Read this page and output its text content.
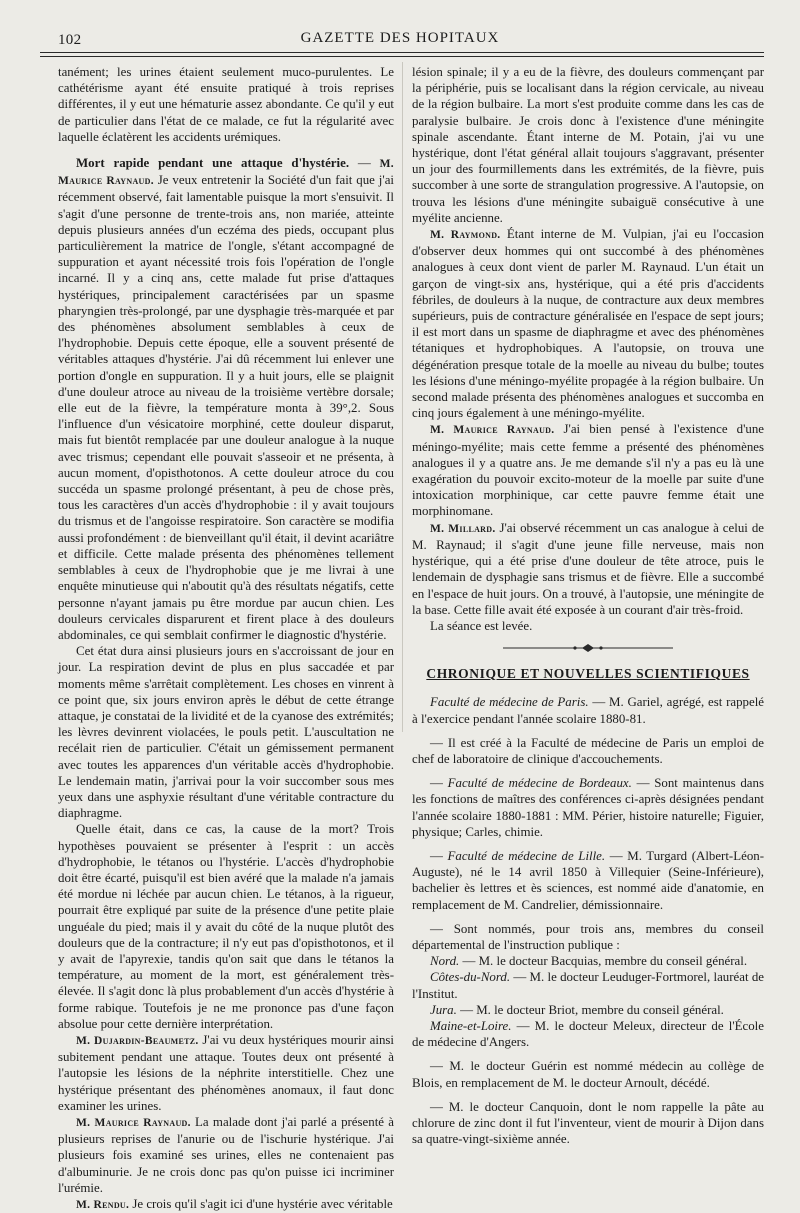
102	GAZETTE DES HOPITAUX

tanément; les urines étaient seulement muco-purulentes. Le cathétérisme ayant été ensuite pratiqué à trois reprises différentes, il y eut une hématurie assez abondante. Ce qu'il y eut de particulier dans l'état de ce malade, ce fut la régularité avec laquelle éclatèrent les accidents urémiques.

Mort rapide pendant une attaque d'hystérie. — M. Maurice Raynaud. Je veux entretenir la Société d'un fait que j'ai récemment observé, fait lamentable puisque la mort s'ensuivit. Il s'agit d'une personne de trente-trois ans, non mariée, atteinte depuis plusieurs années d'un eczéma des pieds, occupant plus particulièrement la matrice de l'ongle, s'étant accompagné de suppuration et ayant nécessité trois fois l'opération de l'ongle incarné. Il y a cinq ans, cette malade fut prise d'attaques hystériques, principalement caractérisées par un spasme pharyngien très-prolongé, par une dysphagie très-marquée et par des phénomènes absolument semblables à ceux de l'hydrophobie. Depuis cette époque, elle a souvent présenté de véritables attaques d'hystérie. J'ai dû récemment lui enlever une portion d'ongle en suppuration. Il y a huit jours, elle se plaignit d'une douleur atroce au niveau de la troisième vertèbre dorsale; elle eut de la fièvre, la température monta à 39°,2. Sous l'influence d'un vésicatoire morphiné, cette douleur disparut, mais fut bientôt remplacée par une douleur analogue à la nuque avec trismus; cependant elle pouvait s'asseoir et ne présenta, à aucun moment, d'opisthotonos. A cette douleur atroce du cou succéda un spasme prolongé présentant, à peu de chose près, tous les caractères d'un accès d'hydrophobie : il y avait toujours du trismus et de l'angoisse respiratoire. Son caractère se modifia aussi profondément : de bienveillant qu'il était, il devint acariâtre et difficile. Cette malade présenta des phénomènes tellement semblables à ceux de l'hydrophobie que je me livrai à une enquête minutieuse qui n'aboutit qu'à des résultats négatifs, cette personne n'ayant jamais pu être mordue par aucun chien. Les douleurs cervicales disparurent et firent place à des douleurs abdominales, ce qui semblait confirmer le diagnostic d'hystérie.

Cet état dura ainsi plusieurs jours en s'accroissant de jour en jour. La respiration devint de plus en plus saccadée et par moments même s'arrêtait complètement. Les choses en vinrent à ce point que, six jours environ après le début de cette étrange attaque, je constatai de la lividité et de la cyanose des extrémités; les lèvres devinrent violacées, le pouls petit. L'auscultation ne recélait rien de particulier. C'était un gémissement permanent avec toutes les apparences d'un véritable accès d'hydrophobie. Le lendemain matin, j'arrivai pour la voir succomber sous mes yeux dans une asphyxie résultant d'une véritable contracture du diaphragme.

Quelle était, dans ce cas, la cause de la mort? Trois hypothèses pouvaient se présenter à l'esprit : un accès d'hydrophobie, le tétanos ou l'hystérie. L'accès d'hydrophobie doit être écarté, puisqu'il est bien avéré que la malade n'a jamais été mordue ni léchée par aucun chien. Le tétanos, à la rigueur, pourrait être expliqué par suite de la présence d'une petite plaie unguéale du pied; mais il y avait du côté de la nuque plutôt des douleurs que de la contracture; il n'y eut pas d'opisthotonos, et il y avait de l'apyrexie, tandis qu'on sait que dans le tétanos la température, au moment de la mort, est généralement très-élevée. Il s'agit donc là plus probablement d'un accès d'hystérie à forme rabique. Toutefois je ne me prononce pas d'une façon absolue pour cette dernière interprétation.

M. Dujardin-Beaumetz. J'ai vu deux hystériques mourir ainsi subitement pendant une attaque. Toutes deux ont présenté à l'autopsie les lésions de la néphrite interstitielle. Chez une hystérique présentant des phénomènes anomaux, il faut donc examiner les urines.

M. Maurice Raynaud. La malade dont j'ai parlé a présenté à plusieurs reprises de l'anurie ou de l'ischurie hystérique. J'ai plusieurs fois examiné ses urines, elles ne contenaient pas d'albuminurie. Je ne crois donc pas qu'on puisse ici incriminer l'urémie.

M. Rendu. Je crois qu'il s'agit ici d'une hystérie avec véritable

lésion spinale; il y a eu de la fièvre, des douleurs commençant par la périphérie, puis se localisant dans la région cervicale, au niveau de la région bulbaire. La mort s'est produite comme dans les cas de paralysie bulbaire. Je crois donc à l'existence d'une méningite spinale ascendante. Étant interne de M. Potain, j'ai vu une hystérique, dont l'état général allait toujours s'aggravant, présenter un jour des fourmillements dans les extrémités, de la fièvre, puis succomber à une sorte de strangulation progressive. A l'autopsie, on trouva les lésions d'une méningite subaiguë consécutive à une myélite ancienne.

M. Raymond. Étant interne de M. Vulpian, j'ai eu l'occasion d'observer deux hommes qui ont succombé à des phénomènes analogues à ceux dont vient de parler M. Raynaud. L'un était un garçon de vingt-six ans, hystérique, qui a été pris d'accidents fébriles, de douleurs à la nuque, de contracture aux deux membres supérieurs, puis de contracture généralisée en l'espace de sept jours; il est mort dans un spasme de diaphragme et avec des phénomènes tétaniques et hydrophobiques. A l'autopsie, on trouva une dégénération presque totale de la moelle au niveau du bulbe; toutes les lésions d'une méningo-myélite propagée à la région bulbaire. Un second malade présenta des phénomènes analogues et succomba en cinq jours également à une méningo-myélite.

M. Maurice Raynaud. J'ai bien pensé à l'existence d'une méningo-myélite; mais cette femme a présenté des phénomènes analogues il y a quatre ans. Je me demande s'il n'y a pas eu là une exagération du pouvoir excito-moteur de la moelle par suite d'une intoxication morphinique, car cette pauvre femme était une morphinomane.

M. Millard. J'ai observé récemment un cas analogue à celui de M. Raynaud; il s'agit d'une jeune fille nerveuse, mais non hystérique, qui a été prise d'une douleur de tête atroce, puis le lendemain de dysphagie sans trismus et de fièvre. Elle a succombé en l'espace de huit jours. On a trouvé, à l'autopsie, une méningite de la base. Cette fille avait été exposée à un courant d'air très-froid.

La séance est levée.

CHRONIQUE ET NOUVELLES SCIENTIFIQUES

Faculté de médecine de Paris. — M. Gariel, agrégé, est rappelé à l'exercice pendant l'année scolaire 1880-81.

— Il est créé à la Faculté de médecine de Paris un emploi de chef de laboratoire de clinique d'accouchements.

— Faculté de médecine de Bordeaux. — Sont maintenus dans les fonctions de maîtres des conférences ci-après désignées pendant l'année scolaire 1880-1881 : MM. Périer, histoire naturelle; Figuier, physique; Carles, chimie.

— Faculté de médecine de Lille. — M. Turgard (Albert-Léon-Auguste), né le 14 avril 1850 à Villequier (Seine-Inférieure), bachelier ès lettres et ès sciences, est nommé aide d'anatomie, en remplacement de M. Candrelier, démissionnaire.

— Sont nommés, pour trois ans, membres du conseil départemental de l'instruction publique :

Nord. — M. le docteur Bacquias, membre du conseil général.

Côtes-du-Nord. — M. le docteur Leuduger-Fortmorel, lauréat de l'Institut.

Jura. — M. le docteur Briot, membre du conseil général.

Maine-et-Loire. — M. le docteur Meleux, directeur de l'École de médecine d'Angers.

— M. le docteur Guérin est nommé médecin au collège de Blois, en remplacement de M. le docteur Arnoult, décédé.

— M. le docteur Canquoin, dont le nom rappelle la pâte au chlorure de zinc dont il fut l'inventeur, vient de mourir à Dijon dans sa quatre-vingt-sixième année.
